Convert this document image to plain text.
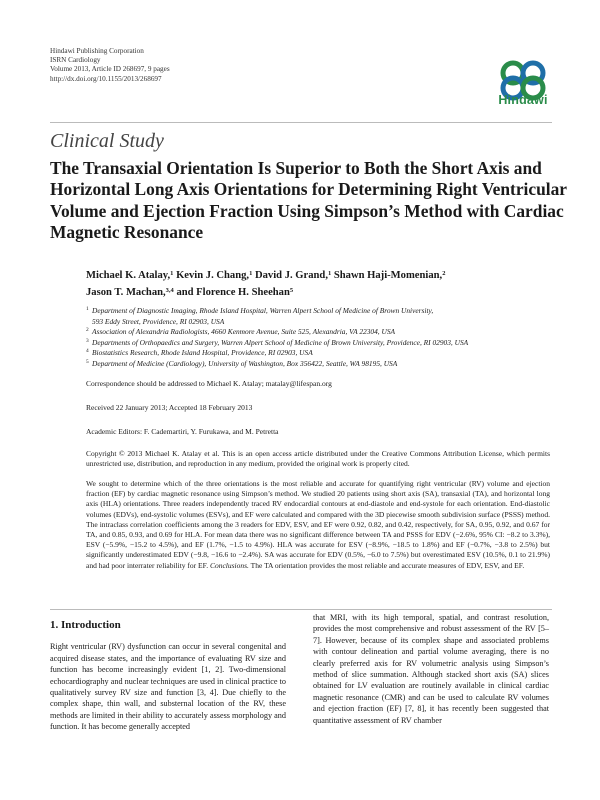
Hindawi Publishing Corporation
ISRN Cardiology
Volume 2013, Article ID 268697, 9 pages
http://dx.doi.org/10.1155/2013/268697
Hindawi
Clinical Study
The Transaxial Orientation Is Superior to Both the Short Axis and Horizontal Long Axis Orientations for Determining Right Ventricular Volume and Ejection Fraction Using Simpson’s Method with Cardiac Magnetic Resonance
Michael K. Atalay,$^1$ Kevin J. Chang,$^1$ David J. Grand,$^1$ Shawn Haji-Momenian,$^2$
Jason T. Machan,$^{3,4}$ and Florence H. Sheehan$^5$
1 Department of Diagnostic Imaging, Rhode Island Hospital, Warren Alpert School of Medicine of Brown University,
593 Eddy Street, Providence, RI 02903, USA
2 Association of Alexandria Radiologists, 4660 Kenmore Avenue, Suite 525, Alexandria, VA 22304, USA
3 Departments of Orthopaedics and Surgery, Warren Alpert School of Medicine of Brown University, Providence, RI 02903, USA
4 Biostatistics Research, Rhode Island Hospital, Providence, RI 02903, USA
5 Department of Medicine (Cardiology), University of Washington, Box 356422, Seattle, WA 98195, USA
Correspondence should be addressed to Michael K. Atalay; matalay@lifespan.org
Received 22 January 2013; Accepted 18 February 2013
Academic Editors: F. Cademartiri, Y. Furukawa, and M. Petretta
Copyright © 2013 Michael K. Atalay et al. This is an open access article distributed under the Creative Commons Attribution License, which permits unrestricted use, distribution, and reproduction in any medium, provided the original work is properly cited.
We sought to determine which of the three orientations is the most reliable and accurate for quantifying right ventricular (RV) volume and ejection fraction (EF) by cardiac magnetic resonance using Simpson’s method. We studied 20 patients using short axis (SA), transaxial (TA), and horizontal long axis (HLA) orientations. Three readers independently traced RV endocardial contours at end-diastole and end-systole for each orientation. End-diastolic volumes (EDVs), end-systolic volumes (ESVs), and EF were calculated and compared with the 3D piecewise smooth subdivision surface (PSSS) method. The intraclass correlation coefficients among the 3 readers for EDV, ESV, and EF were 0.92, 0.82, and 0.42, respectively, for SA, 0.95, 0.92, and 0.67 for TA, and 0.85, 0.93, and 0.69 for HLA. For mean data there was no significant difference between TA and PSSS for EDV (−2.6%, 95% CI: −8.2 to 3.3%), ESV (−5.9%, −15.2 to 4.5%), and EF (1.7%, −1.5 to 4.9%). HLA was accurate for ESV (−8.9%, −18.5 to 1.8%) and EF (−0.7%, −3.8 to 2.5%) but significantly underestimated EDV (−9.8, −16.6 to −2.4%). SA was accurate for EDV (0.5%, −6.0 to 7.5%) but overestimated ESV (10.5%, 0.1 to 21.9%) and had poor interrater reliability for EF. Conclusions. The TA orientation provides the most reliable and accurate measures of EDV, ESV, and EF.
1. Introduction

Right ventricular (RV) dysfunction can occur in several congenital and acquired disease states, and the importance of evaluating RV size and function has become increasingly evident [1, 2]. Two-dimensional echocardiography and nuclear techniques are used in clinical practice to qualitatively survey RV size and function [3, 4]. Due chiefly to the complex shape, thin wall, and substernal location of the RV, these methods are limited in their ability to accurately assess morphology and function. It has become generally accepted

that MRI, with its high temporal, spatial, and contrast resolution, provides the most comprehensive and robust assessment of the RV [5–7]. However, because of its complex shape and associated problems with contour delineation and partial volume averaging, there is no clearly preferred axis for RV volumetric analysis using Simpson’s method of slice summation. Although stacked short axis (SA) slices obtained for LV evaluation are routinely available in clinical cardiac magnetic resonance (CMR) and can be used to calculate RV volumes and ejection fraction (EF) [7, 8], it has recently been suggested that quantitative assessment of RV chamber
